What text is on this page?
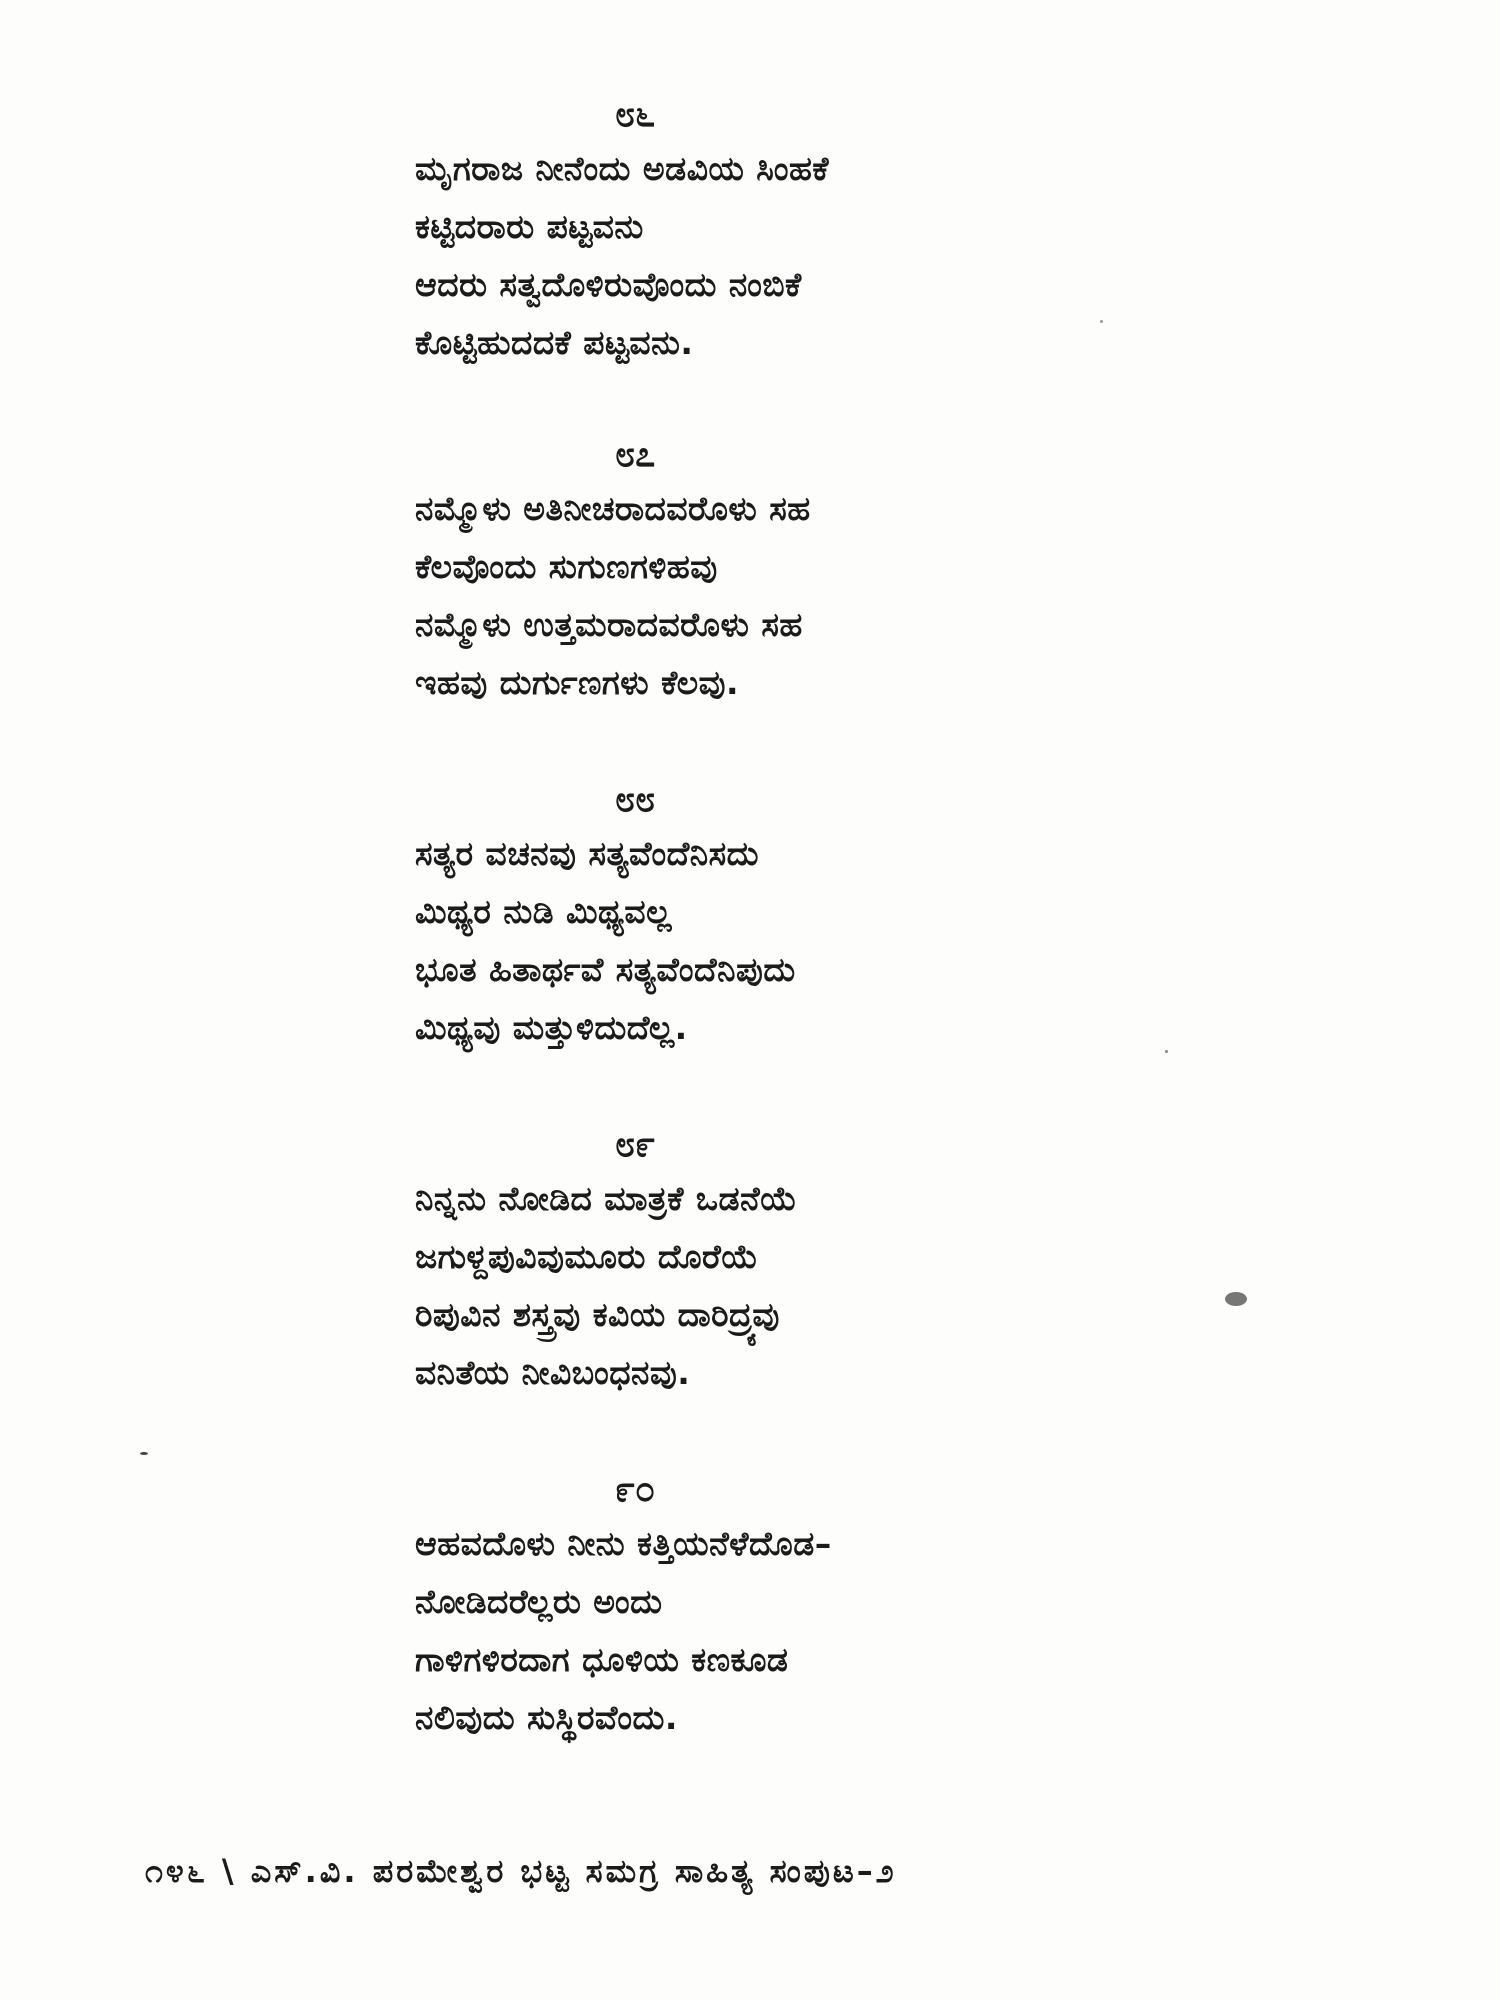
೮೬

ಮೃಗರಾಜ ನೀನೆಂದು ಅಡವಿಯ ಸಿಂಹಕೆ
ಕಟ್ಟಿದರಾರು ಪಟ್ಟವನು
ಆದರು ಸತ್ವದೊಳಿರುವೊಂದು ನಂಬಿಕೆ
ಕೊಟ್ಟಿಹುದದಕೆ ಪಟ್ಟವನು.

೮೭

ನಮ್ಮೊಳು ಅತಿನೀಚರಾದವರೊಳು ಸಹ
ಕೆಲವೊಂದು ಸುಗುಣಗಳಿಹವು
ನಮ್ಮೊಳು ಉತ್ತಮರಾದವರೊಳು ಸಹ
ಇಹವು ದುರ್ಗುಣಗಳು ಕೆಲವು.

೮೮

ಸತ್ಯರ ವಚನವು ಸತ್ಯವೆಂದೆನಿಸದು
ಮಿಥ್ಯರ ನುಡಿ ಮಿಥ್ಯವಲ್ಲ
ಭೂತ ಹಿತಾರ್ಥವೆ ಸತ್ಯವೆಂದೆನಿಪುದು
ಮಿಥ್ಯವು ಮತ್ತುಳಿದುದೆಲ್ಲ.

೮೯

ನಿನ್ನನು ನೋಡಿದ ಮಾತ್ರಕೆ ಒಡನೆಯೆ
ಜಗುಳ್ದಪುವಿವುಮೂರು ದೊರೆಯೆ
ರಿಪುವಿನ ಶಸ್ತ್ರವು ಕವಿಯ ದಾರಿದ್ರ್ಯವು
ವನಿತೆಯ ನೀವಿಬಂಧನವು.

೯೦

ಆಹವದೊಳು ನೀನು ಕತ್ತಿಯನೆಳೆದೊಡ–
ನೋಡಿದರೆಲ್ಲರು ಅಂದು
ಗಾಳಿಗಳಿರದಾಗ ಧೂಳಿಯ ಕಣಕೂಡ
ನಲಿವುದು ಸುಸ್ಥಿರವೆಂದು.

೧೪೬ \ ಎಸ್.ವಿ. ಪರಮೇಶ್ವರ ಭಟ್ಟ ಸಮಗ್ರ ಸಾಹಿತ್ಯ ಸಂಪುಟ–೨
